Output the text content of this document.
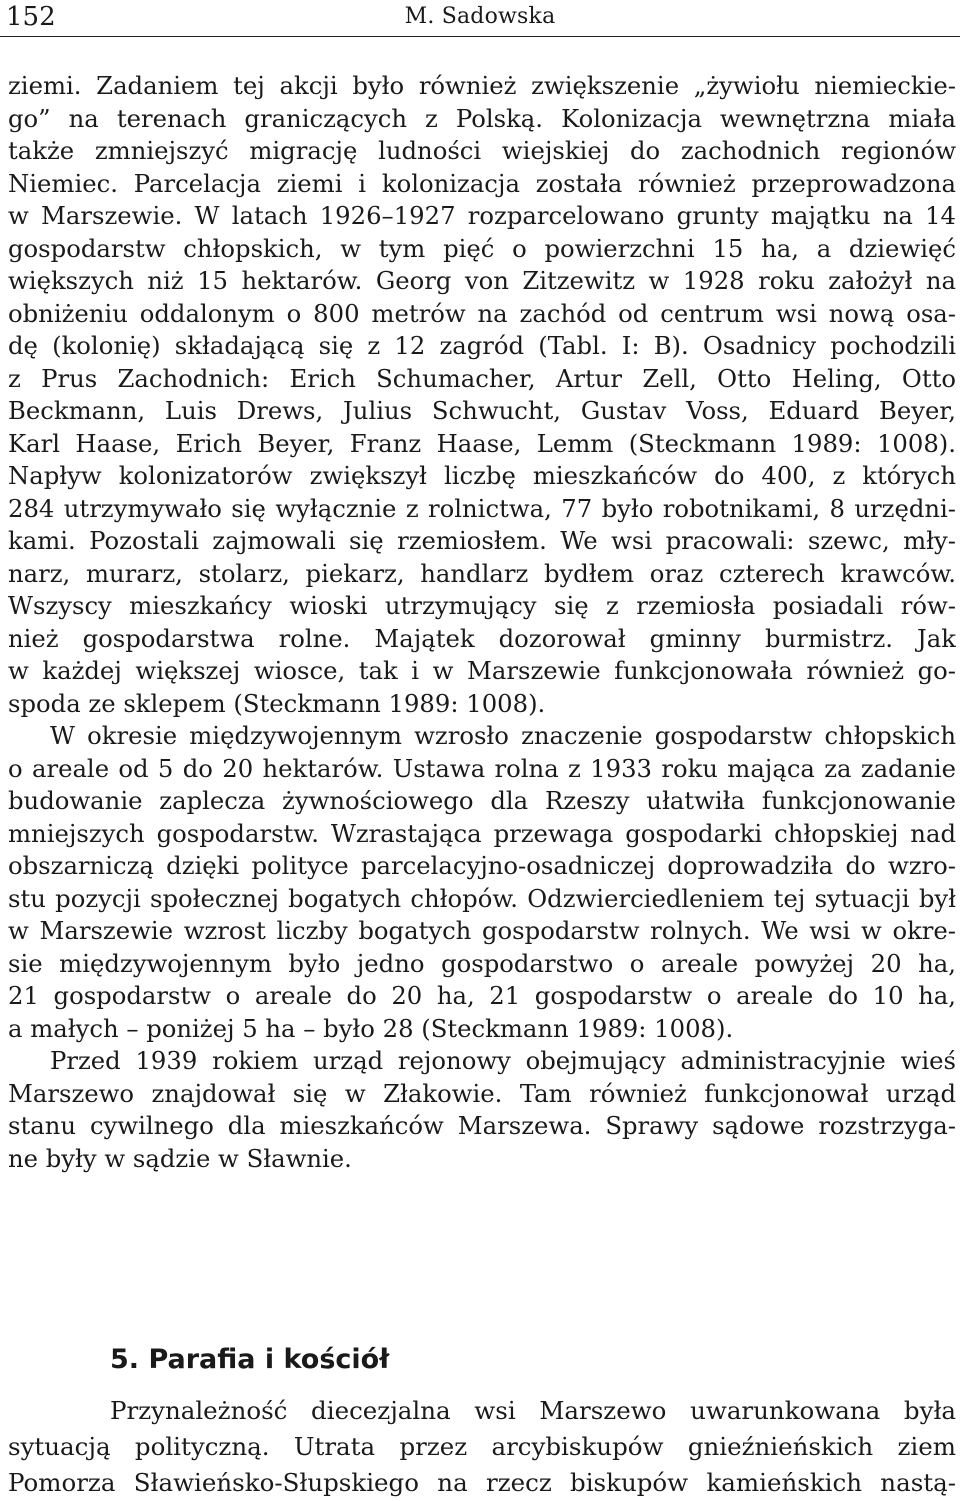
152	M. Sadowska
ziemi. Zadaniem tej akcji było również zwiększenie „żywiołu niemieckie-
go” na terenach graniczących z Polską. Kolonizacja wewnętrzna miała
także zmniejszyć migrację ludności wiejskiej do zachodnich regionów
Niemiec. Parcelacja ziemi i kolonizacja została również przeprowadzona
w Marszewie. W latach 1926–1927 rozparcelowano grunty majątku na 14
gospodarstw chłopskich, w tym pięć o powierzchni 15 ha, a dziewięć
większych niż 15 hektarów. Georg von Zitzewitz w 1928 roku założył na
obniżeniu oddalonym o 800 metrów na zachód od centrum wsi nową osa-
dę (kolonię) składającą się z 12 zagród (Tabl. I: B). Osadnicy pochodzili
z Prus Zachodnich: Erich Schumacher, Artur Zell, Otto Heling, Otto
Beckmann, Luis Drews, Julius Schwucht, Gustav Voss, Eduard Beyer,
Karl Haase, Erich Beyer, Franz Haase, Lemm (Steckmann 1989: 1008).
Napływ kolonizatorów zwiększył liczbę mieszkańców do 400, z których
284 utrzymywało się wyłącznie z rolnictwa, 77 było robotnikami, 8 urzędni-
kami. Pozostali zajmowali się rzemiosłem. We wsi pracowali: szewc, mły-
narz, murarz, stolarz, piekarz, handlarz bydłem oraz czterech krawców.
Wszyscy mieszkańcy wioski utrzymujący się z rzemiosła posiadali rów-
nież gospodarstwa rolne. Majątek dozorował gminny burmistrz. Jak
w każdej większej wiosce, tak i w Marszewie funkcjonowała również go-
spoda ze sklepem (Steckmann 1989: 1008).
W okresie międzywojennym wzrosło znaczenie gospodarstw chłopskich
o areale od 5 do 20 hektarów. Ustawa rolna z 1933 roku mająca za zadanie
budowanie zaplecza żywnościowego dla Rzeszy ułatwiła funkcjonowanie
mniejszych gospodarstw. Wzrastająca przewaga gospodarki chłopskiej nad
obszarniczą dzięki polityce parcelacyjno-osadniczej doprowadziła do wzro-
stu pozycji społecznej bogatych chłopów. Odzwierciedleniem tej sytuacji był
w Marszewie wzrost liczby bogatych gospodarstw rolnych. We wsi w okre-
sie międzywojennym było jedno gospodarstwo o areale powyżej 20 ha,
21 gospodarstw o areale do 20 ha, 21 gospodarstw o areale do 10 ha,
a małych – poniżej 5 ha – było 28 (Steckmann 1989: 1008).
Przed 1939 rokiem urząd rejonowy obejmujący administracyjnie wieś
Marszewo znajdował się w Złakowie. Tam również funkcjonował urząd
stanu cywilnego dla mieszkańców Marszewa. Sprawy sądowe rozstrzyga-
ne były w sądzie w Sławnie.
5. Parafia i kościół
Przynależność diecezjalna wsi Marszewo uwarunkowana była
sytuacją polityczną. Utrata przez arcybiskupów gnieźnieńskich ziem
Pomorza Sławieńsko-Słupskiego na rzecz biskupów kamieńskich nastą-
